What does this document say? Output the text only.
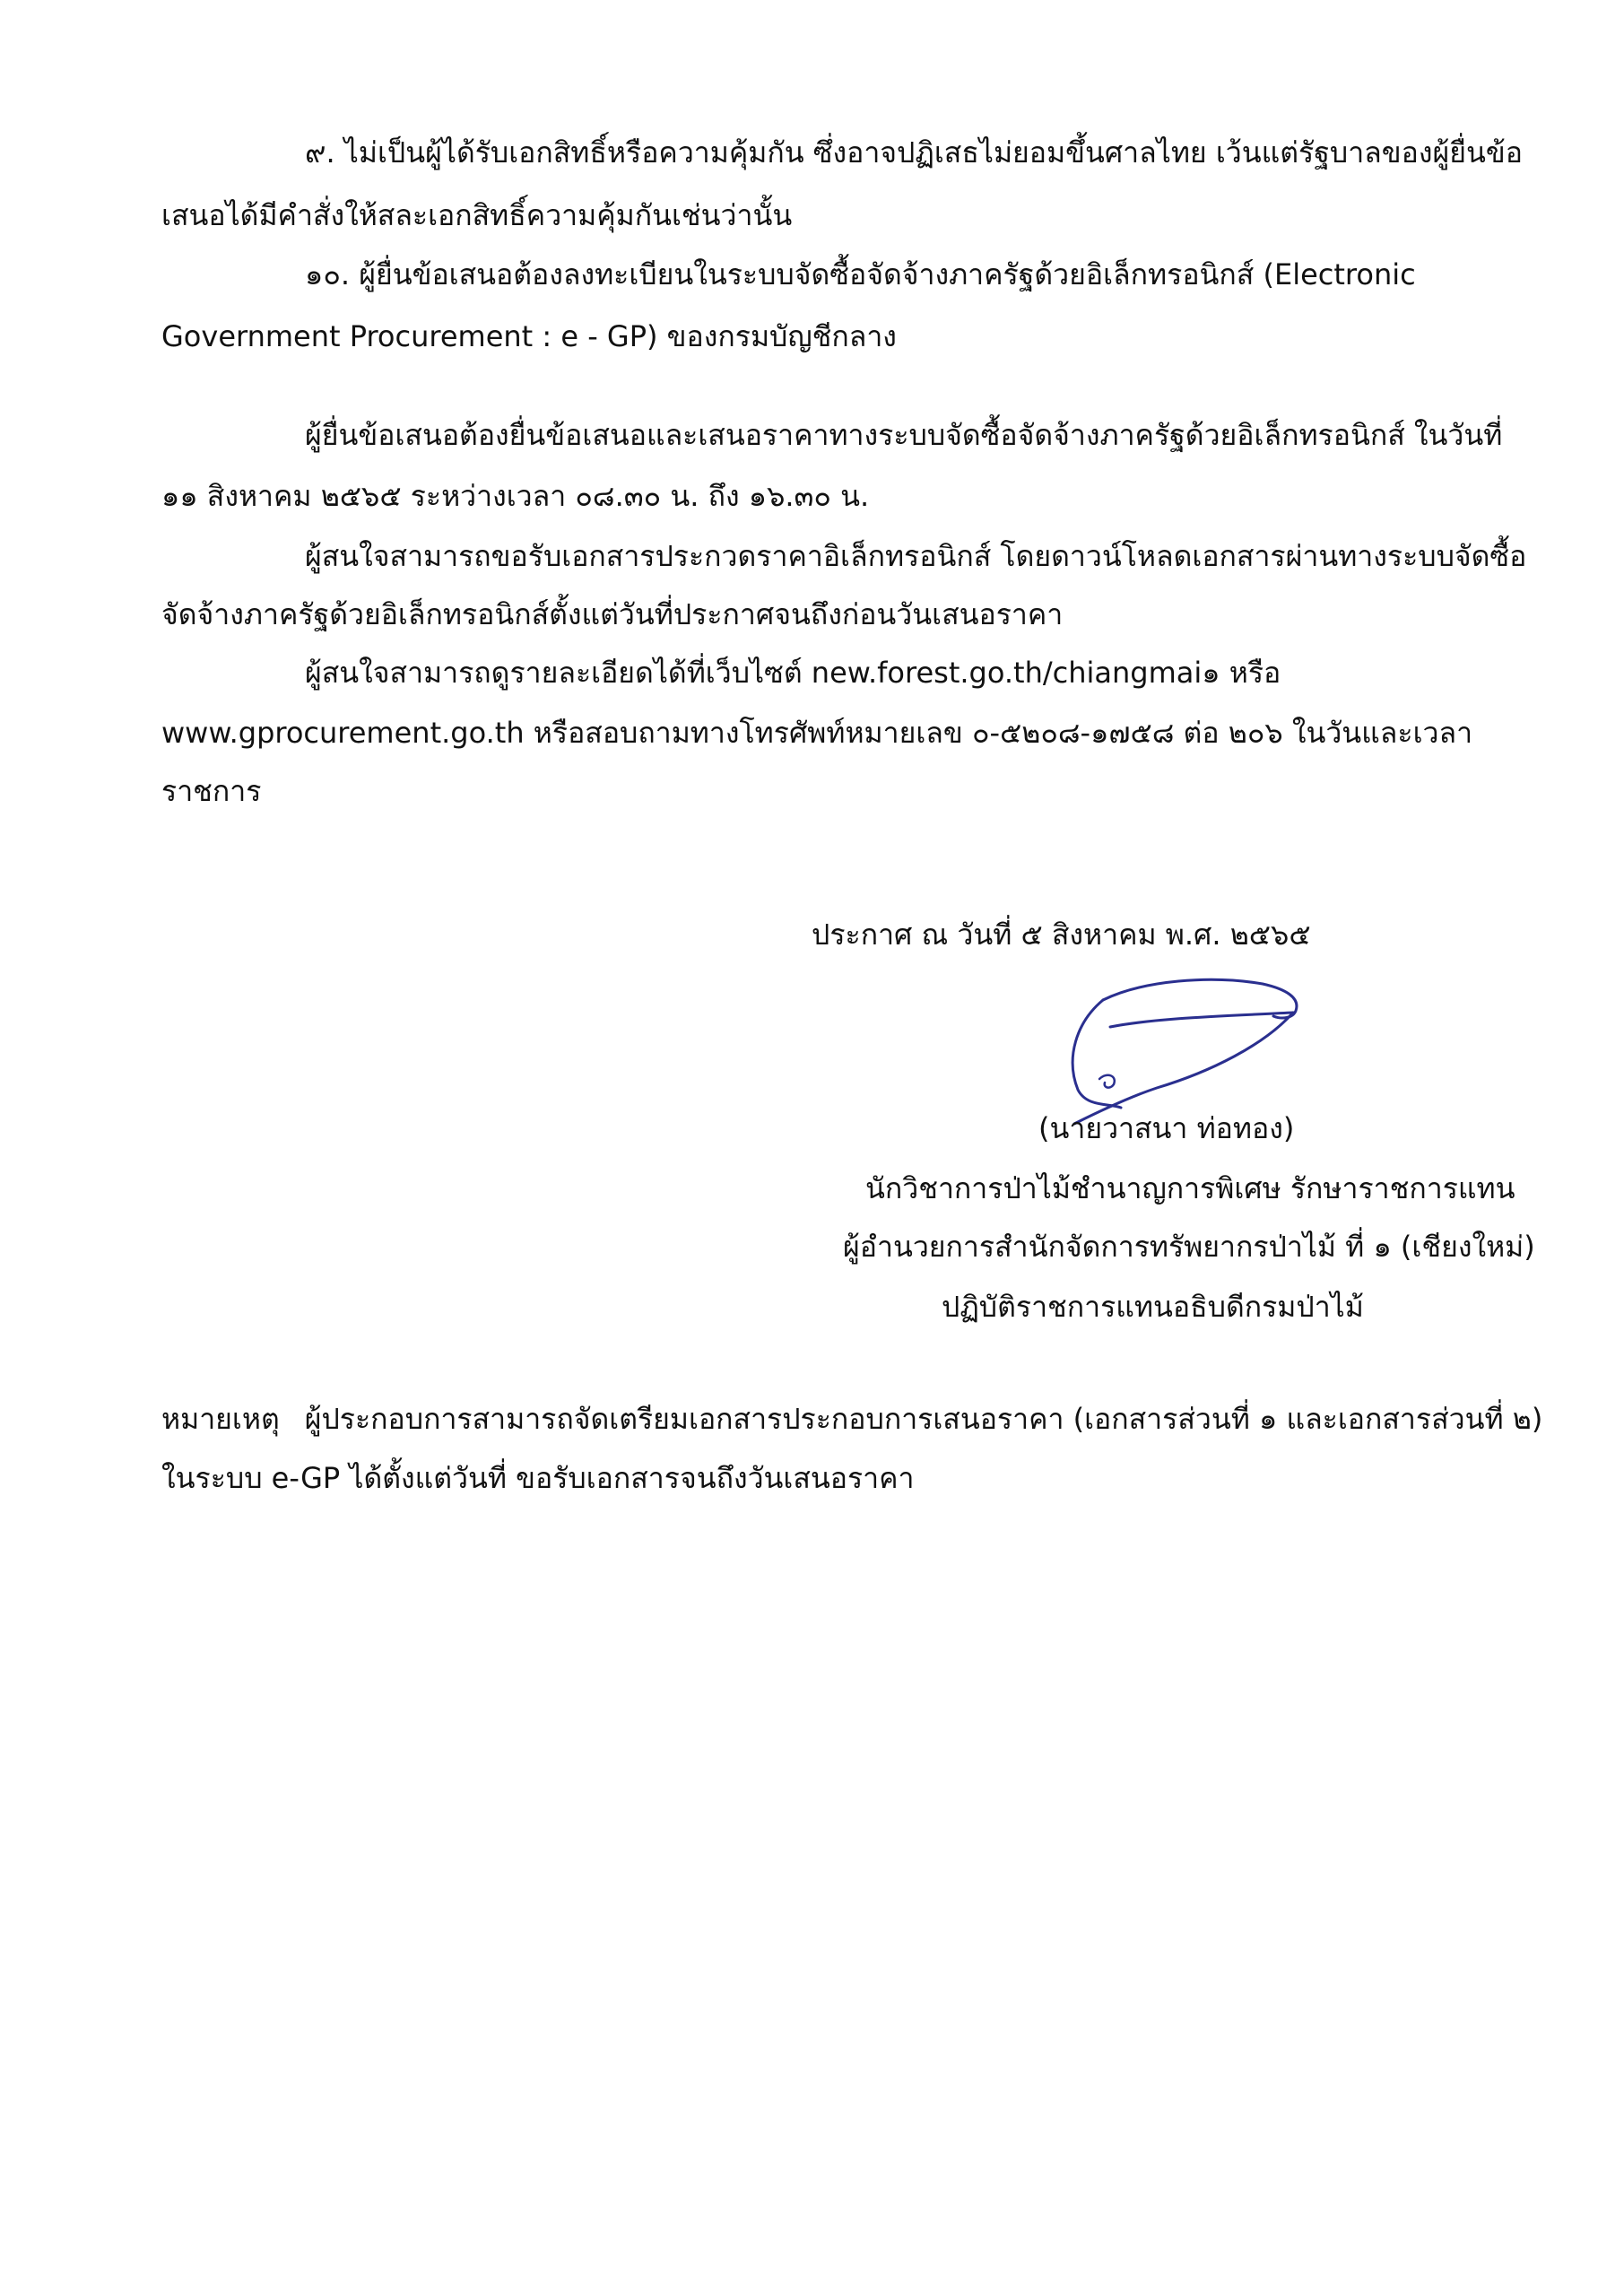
๙. ไม่เป็นผู้ได้รับเอกสิทธิ์หรือความคุ้มกัน ซึ่งอาจปฏิเสธไม่ยอมขึ้นศาลไทย เว้นแต่รัฐบาลของผู้ยื่นข้อ
เสนอได้มีคำสั่งให้สละเอกสิทธิ์ความคุ้มกันเช่นว่านั้น
๑๐. ผู้ยื่นข้อเสนอต้องลงทะเบียนในระบบจัดซื้อจัดจ้างภาครัฐด้วยอิเล็กทรอนิกส์ (Electronic
Government Procurement : e - GP) ของกรมบัญชีกลาง
ผู้ยื่นข้อเสนอต้องยื่นข้อเสนอและเสนอราคาทางระบบจัดซื้อจัดจ้างภาครัฐด้วยอิเล็กทรอนิกส์ ในวันที่
๑๑ สิงหาคม ๒๕๖๕ ระหว่างเวลา ๐๘.๓๐ น. ถึง ๑๖.๓๐ น.
ผู้สนใจสามารถขอรับเอกสารประกวดราคาอิเล็กทรอนิกส์ โดยดาวน์โหลดเอกสารผ่านทางระบบจัดซื้อ
จัดจ้างภาครัฐด้วยอิเล็กทรอนิกส์ตั้งแต่วันที่ประกาศจนถึงก่อนวันเสนอราคา
ผู้สนใจสามารถดูรายละเอียดได้ที่เว็บไซต์ new.forest.go.th/chiangmai๑ หรือ
www.gprocurement.go.th หรือสอบถามทางโทรศัพท์หมายเลข ๐-๕๒๐๘-๑๗๕๘ ต่อ ๒๐๖ ในวันและเวลา
ราชการ
ประกาศ ณ วันที่ ๕ สิงหาคม พ.ศ. ๒๕๖๕
(นายวาสนา ท่อทอง)
นักวิชาการป่าไม้ชำนาญการพิเศษ รักษาราชการแทน
ผู้อำนวยการสำนักจัดการทรัพยากรป่าไม้ ที่ ๑ (เชียงใหม่)
ปฏิบัติราชการแทนอธิบดีกรมป่าไม้
หมายเหตุ ผู้ประกอบการสามารถจัดเตรียมเอกสารประกอบการเสนอราคา (เอกสารส่วนที่ ๑ และเอกสารส่วนที่ ๒)
ในระบบ e-GP ได้ตั้งแต่วันที่ ขอรับเอกสารจนถึงวันเสนอราคา
